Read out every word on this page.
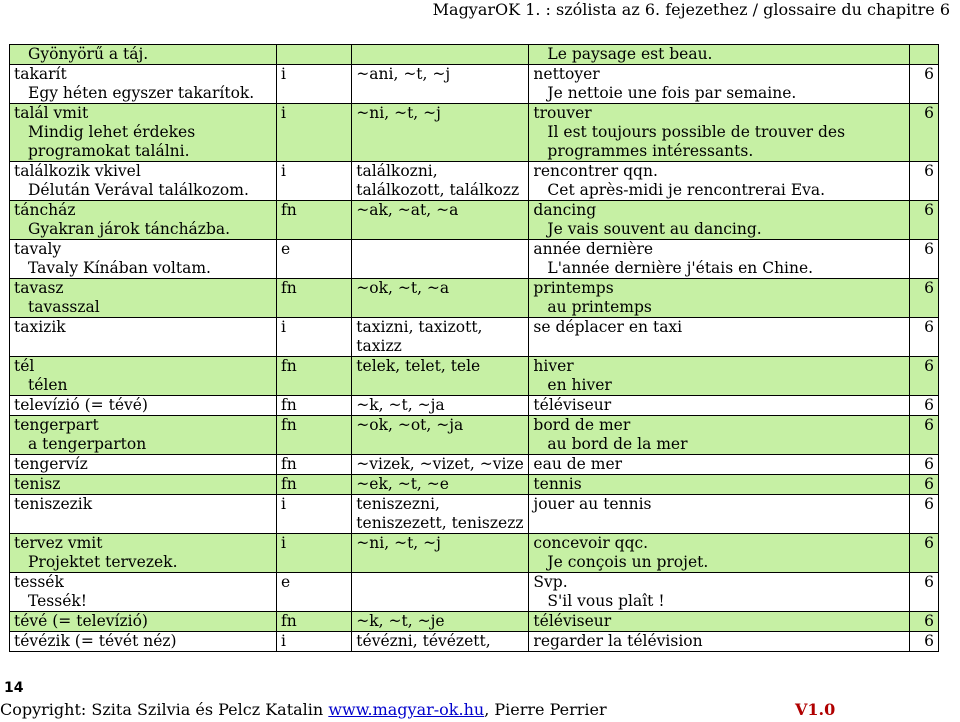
MagyarOK 1. : szólista az 6. fejezethez / glossaire du chapitre 6
Gyönyörű a táj.			Le paysage est beau.	

takarít
Egy héten egyszer takarítok.	i	~ani, ~t, ~j	nettoyer
Je nettoie une fois par semaine.	6

talál vmit
Mindig lehet érdekes programokat találni.	i	~ni, ~t, ~j	trouver
Il est toujours possible de trouver des programmes intéressants.	6

találkozik vkivel
Délután Verával találkozom.	i	találkozni,
találkozott, találkozz	rencontrer qqn.
Cet après-midi je rencontrerai Eva.	6

táncház
Gyakran járok táncházba.	fn	~ak, ~at, ~a	dancing
Je vais souvent au dancing.	6

tavaly
Tavaly Kínában voltam.	e		année dernière
L'année dernière j'étais en Chine.	6

tavasz
tavasszal	fn	~ok, ~t, ~a	printemps
au printemps	6

taxizik	i	taxizni, taxizott,
taxizz	se déplacer en taxi	6

tél
télen	fn	telek, telet, tele	hiver
en hiver	6

televízió (= tévé)	fn	~k, ~t, ~ja	téléviseur	6

tengerpart
a tengerparton	fn	~ok, ~ot, ~ja	bord de mer
au bord de la mer	6

tengervíz	fn	~vizek, ~vizet, ~vize	eau de mer	6

tenisz	fn	~ek, ~t, ~e	tennis	6

teniszezik	i	teniszezni,
teniszezett, teniszezz	jouer au tennis	6

tervez vmit
Projektet tervezek.	i	~ni, ~t, ~j	concevoir qqc.
Je conçois un projet.	6

tessék
Tessék!	e		Svp.
S'il vous plaît !	6

tévé (= televízió)	fn	~k, ~t, ~je	téléviseur	6

tévézik (= tévét néz)	i	tévézni, tévézett,	regarder la télévision	6
14
Copyright: Szita Szilvia és Pelcz Katalin www.magyar-ok.hu, Pierre Perrier	V1.0
